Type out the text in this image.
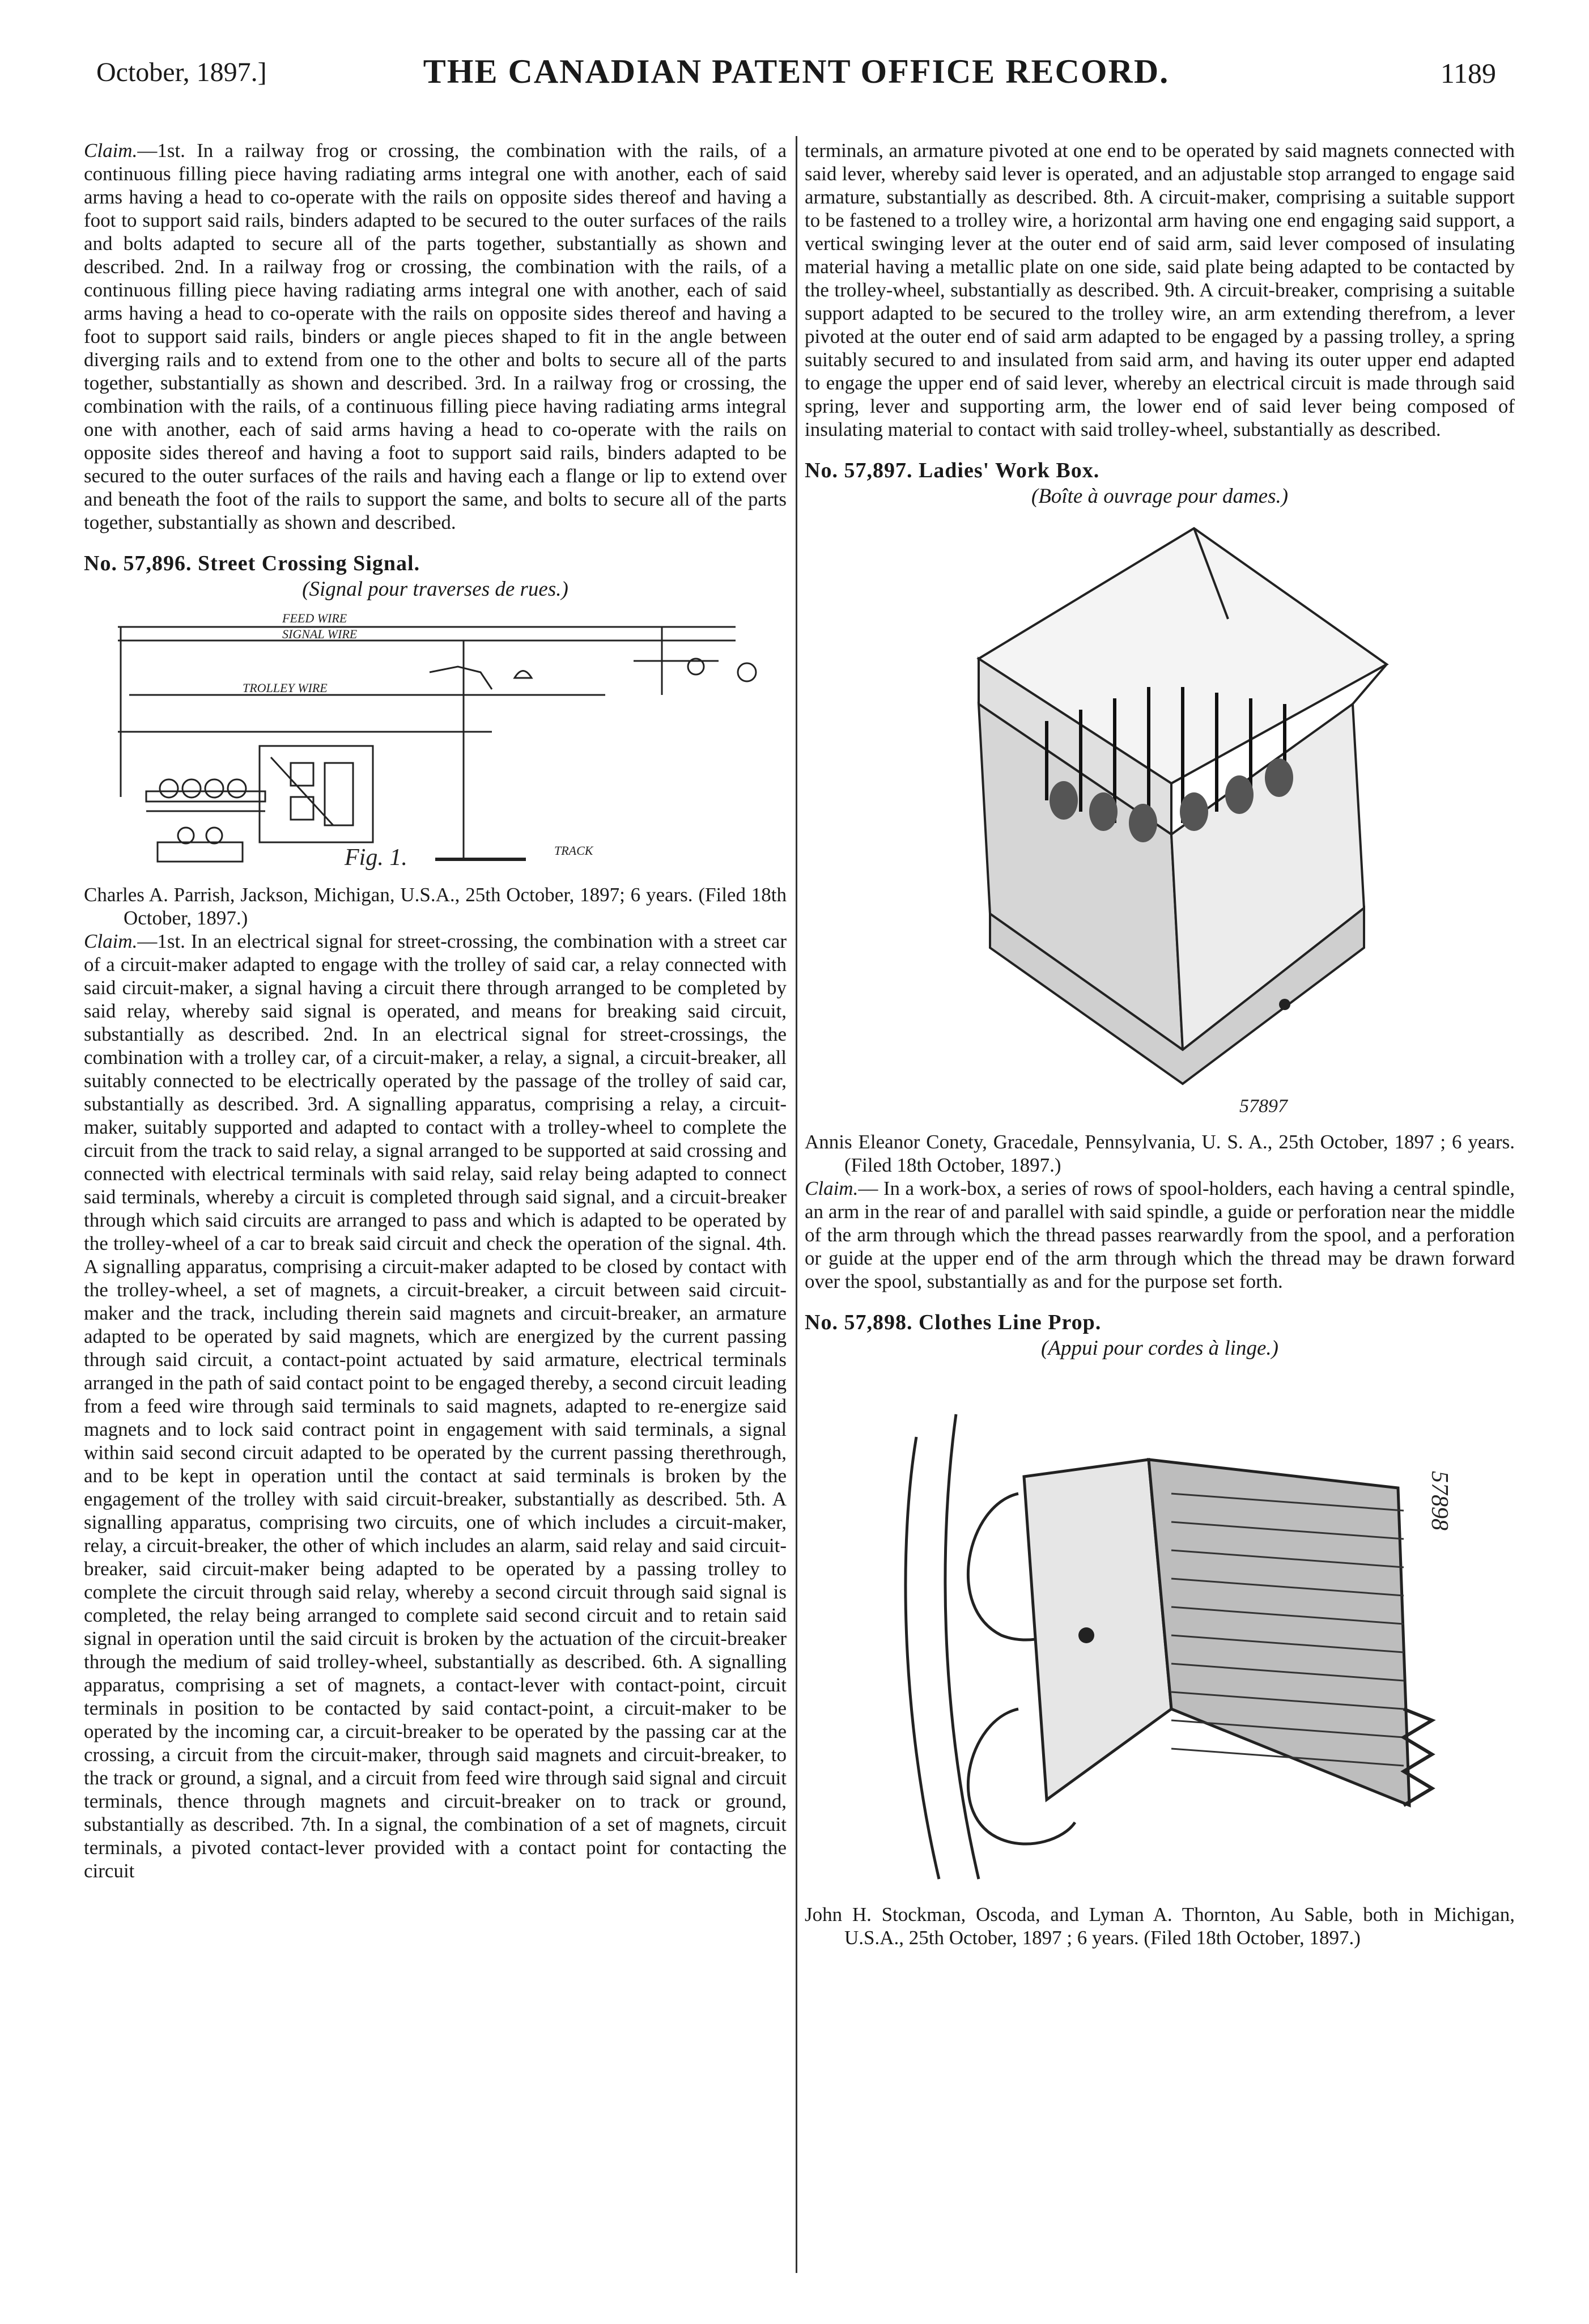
October, 1897.]	THE CANADIAN PATENT OFFICE RECORD.	1189

Claim.—1st. In a railway frog or crossing, the combination with the rails, of a continuous filling piece having radiating arms integral one with another, each of said arms having a head to co-operate with the rails on opposite sides thereof and having a foot to support said rails, binders adapted to be secured to the outer surfaces of the rails and bolts adapted to secure all of the parts together, substantially as shown and described. 2nd. In a railway frog or crossing, the combination with the rails, of a continuous filling piece having radiating arms integral one with another, each of said arms having a head to co-operate with the rails on opposite sides thereof and having a foot to support said rails, binders or angle pieces shaped to fit in the angle between diverging rails and to extend from one to the other and bolts to secure all of the parts together, substantially as shown and described. 3rd. In a railway frog or crossing, the combination with the rails, of a continuous filling piece having radiating arms integral one with another, each of said arms having a head to co-operate with the rails on opposite sides thereof and having a foot to support said rails, binders adapted to be secured to the outer surfaces of the rails and having each a flange or lip to extend over and beneath the foot of the rails to support the same, and bolts to secure all of the parts together, substantially as shown and described.

No. 57,896. Street Crossing Signal.
(Signal pour traverses de rues.)
FEED WIRE
SIGNAL WIRE
TROLLEY WIRE
TRACK
Fig. 1.

Charles A. Parrish, Jackson, Michigan, U.S.A., 25th October, 1897; 6 years. (Filed 18th October, 1897.)

Claim.—1st. In an electrical signal for street-crossing, the combination with a street car of a circuit-maker adapted to engage with the trolley of said car, a relay connected with said circuit-maker, a signal having a circuit there through arranged to be completed by said relay, whereby said signal is operated, and means for breaking said circuit, substantially as described. 2nd. In an electrical signal for street-crossings, the combination with a trolley car, of a circuit-maker, a relay, a signal, a circuit-breaker, all suitably connected to be electrically operated by the passage of the trolley of said car, substantially as described. 3rd. A signalling apparatus, comprising a relay, a circuit-maker, suitably supported and adapted to contact with a trolley-wheel to complete the circuit from the track to said relay, a signal arranged to be supported at said crossing and connected with electrical terminals with said relay, said relay being adapted to connect said terminals, whereby a circuit is completed through said signal, and a circuit-breaker through which said circuits are arranged to pass and which is adapted to be operated by the trolley-wheel of a car to break said circuit and check the operation of the signal. 4th. A signalling apparatus, comprising a circuit-maker adapted to be closed by contact with the trolley-wheel, a set of magnets, a circuit-breaker, a circuit between said circuit-maker and the track, including therein said magnets and circuit-breaker, an armature adapted to be operated by said magnets, which are energized by the current passing through said circuit, a contact-point actuated by said armature, electrical terminals arranged in the path of said contact point to be engaged thereby, a second circuit leading from a feed wire through said terminals to said magnets, adapted to re-energize said magnets and to lock said contract point in engagement with said terminals, a signal within said second circuit adapted to be operated by the current passing therethrough, and to be kept in operation until the contact at said terminals is broken by the engagement of the trolley with said circuit-breaker, substantially as described. 5th. A signalling apparatus, comprising two circuits, one of which includes a circuit-maker, relay, a circuit-breaker, the other of which includes an alarm, said relay and said circuit-breaker, said circuit-maker being adapted to be operated by a passing trolley to complete the circuit through said relay, whereby a second circuit through said signal is completed, the relay being arranged to complete said second circuit and to retain said signal in operation until the said circuit is broken by the actuation of the circuit-breaker through the medium of said trolley-wheel, substantially as described. 6th. A signalling apparatus, comprising a set of magnets, a contact-lever with contact-point, circuit terminals in position to be contacted by said contact-point, a circuit-maker to be operated by the incoming car, a circuit-breaker to be operated by the passing car at the crossing, a circuit from the circuit-maker, through said magnets and circuit-breaker, to the track or ground, a signal, and a circuit from feed wire through said signal and circuit terminals, thence through magnets and circuit-breaker on to track or ground, substantially as described. 7th. In a signal, the combination of a set of magnets, circuit terminals, a pivoted contact-lever provided with a contact point for contacting the circuit

terminals, an armature pivoted at one end to be operated by said magnets connected with said lever, whereby said lever is operated, and an adjustable stop arranged to engage said armature, substantially as described. 8th. A circuit-maker, comprising a suitable support to be fastened to a trolley wire, a horizontal arm having one end engaging said support, a vertical swinging lever at the outer end of said arm, said lever composed of insulating material having a metallic plate on one side, said plate being adapted to be contacted by the trolley-wheel, substantially as described. 9th. A circuit-breaker, comprising a suitable support adapted to be secured to the trolley wire, an arm extending therefrom, a lever pivoted at the outer end of said arm adapted to be engaged by a passing trolley, a spring suitably secured to and insulated from said arm, and having its outer upper end adapted to engage the upper end of said lever, whereby an electrical circuit is made through said spring, lever and supporting arm, the lower end of said lever being composed of insulating material to contact with said trolley-wheel, substantially as described.

No. 57,897. Ladies' Work Box.
(Boîte à ouvrage pour dames.)
57897

Annis Eleanor Conety, Gracedale, Pennsylvania, U. S. A., 25th October, 1897 ; 6 years. (Filed 18th October, 1897.)

Claim.— In a work-box, a series of rows of spool-holders, each having a central spindle, an arm in the rear of and parallel with said spindle, a guide or perforation near the middle of the arm through which the thread passes rearwardly from the spool, and a perforation or guide at the upper end of the arm through which the thread may be drawn forward over the spool, substantially as and for the purpose set forth.

No. 57,898. Clothes Line Prop.
(Appui pour cordes à linge.)
57898

John H. Stockman, Oscoda, and Lyman A. Thornton, Au Sable, both in Michigan, U.S.A., 25th October, 1897 ; 6 years. (Filed 18th October, 1897.)
